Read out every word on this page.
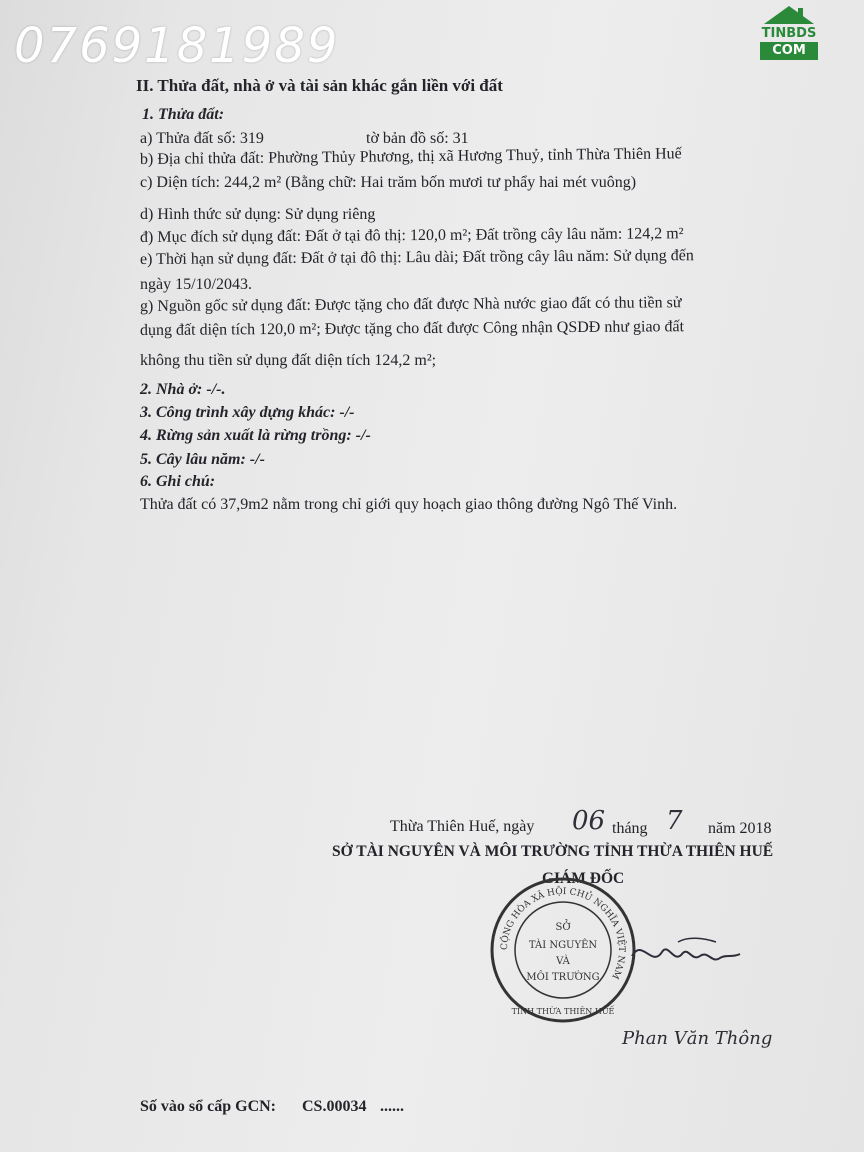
0769181989	TINBDS
COM
II. Thửa đất, nhà ở và tài sản khác gắn liền với đất
1. Thửa đất:
a) Thửa đất số: 319	tờ bản đồ số: 31
b) Địa chỉ thửa đất: Phường Thủy Phương, thị xã Hương Thuỷ, tỉnh Thừa Thiên Huế
c) Diện tích: 244,2 m² (Bằng chữ: Hai trăm bốn mươi tư phẩy hai mét vuông)
d) Hình thức sử dụng: Sử dụng riêng
đ) Mục đích sử dụng đất: Đất ở tại đô thị: 120,0 m²; Đất trồng cây lâu năm: 124,2 m²
e) Thời hạn sử dụng đất: Đất ở tại đô thị: Lâu dài; Đất trồng cây lâu năm: Sử dụng đến
ngày 15/10/2043.
g) Nguồn gốc sử dụng đất: Được tặng cho đất được Nhà nước giao đất có thu tiền sử
dụng đất diện tích 120,0 m²; Được tặng cho đất được Công nhận QSDĐ như giao đất
không thu tiền sử dụng đất diện tích 124,2 m²;
2. Nhà ở: -/-.
3. Công trình xây dựng khác: -/-
4. Rừng sản xuất là rừng trồng: -/-
5. Cây lâu năm: -/-
6. Ghi chú:
Thửa đất có 37,9m2 nằm trong chỉ giới quy hoạch giao thông đường Ngô Thế Vinh.
Thừa Thiên Huế, ngày 06 tháng 7 năm 2018
SỞ TÀI NGUYÊN VÀ MÔI TRƯỜNG TỈNH THỪA THIÊN HUẾ
GIÁM ĐỐC
CỘNG HÒA XÃ HỘI CHỦ NGHĨA VIỆT NAM
TỈNH THỪA THIÊN HUẾ
SỞ
TÀI NGUYÊN
VÀ
MÔI TRƯỜNG
Phan Văn Thông
Số vào sổ cấp GCN: CS.00034 ......
